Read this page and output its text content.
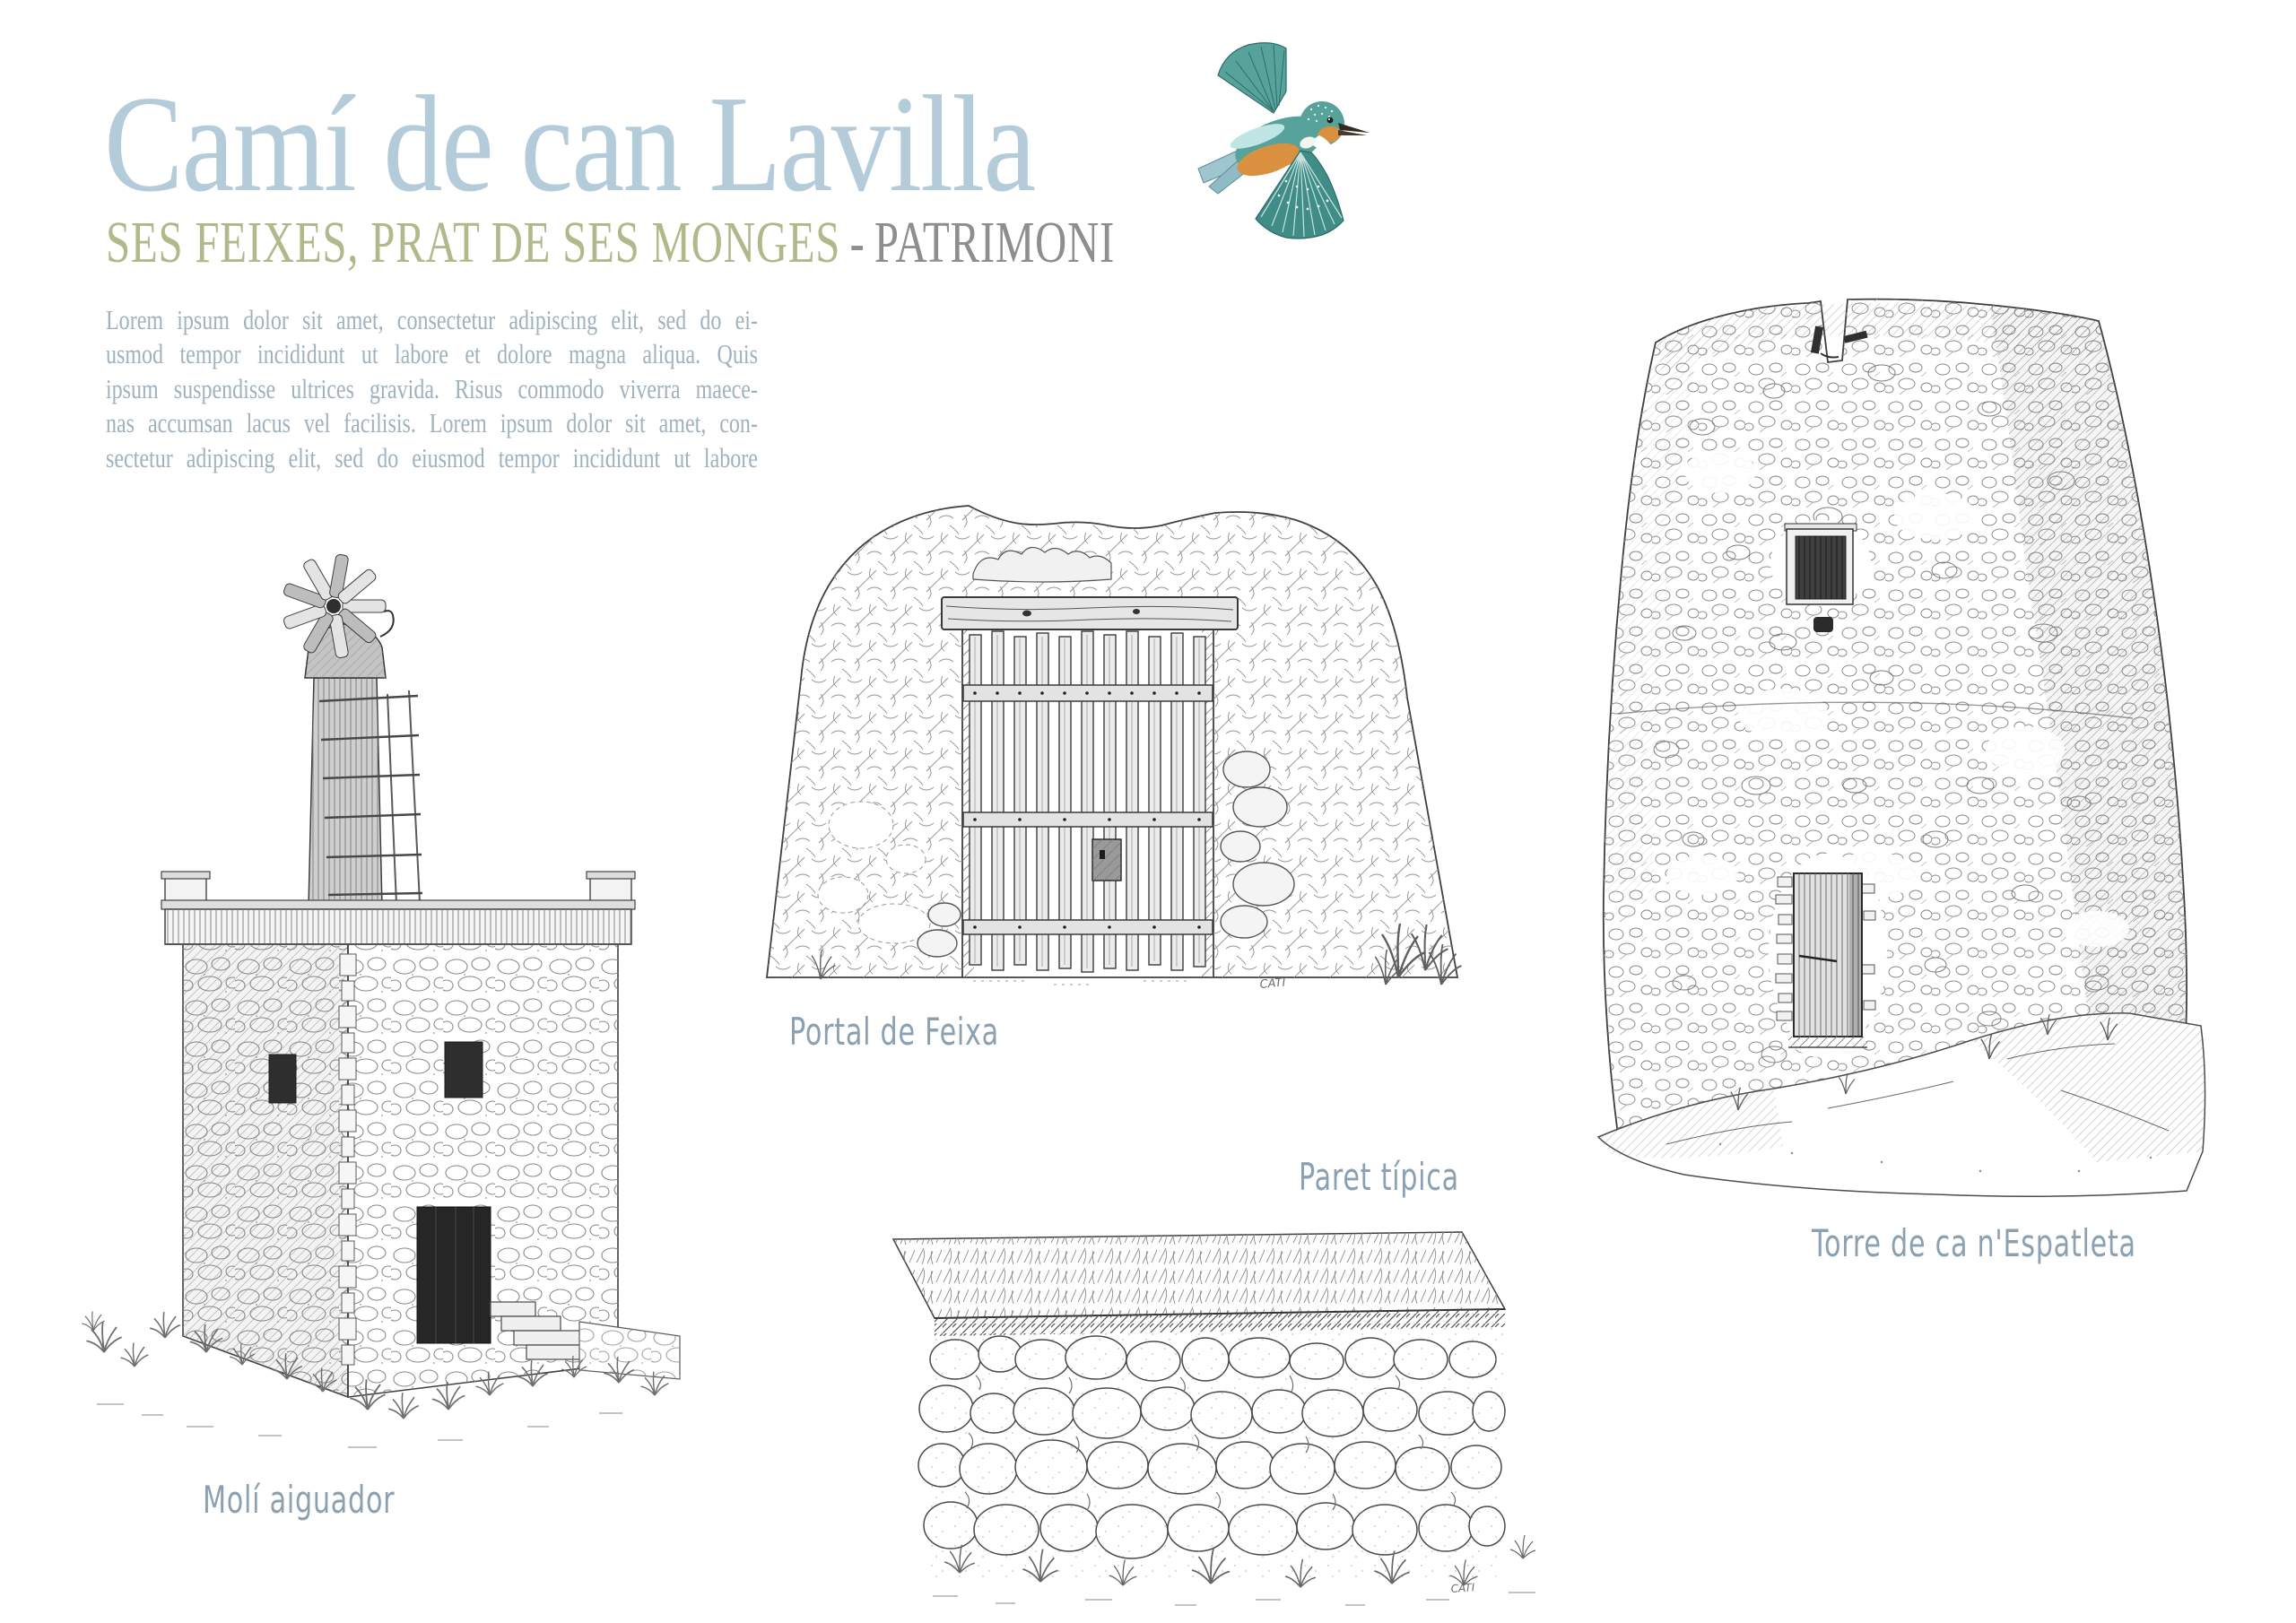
Camí de can Lavilla
SES FEIXES, PRAT DE SES MONGES - PATRIMONI
Lorem ipsum dolor sit amet, consectetur adipiscing elit, sed do ei-
usmod tempor incididunt ut labore et dolore magna aliqua. Quis
ipsum suspendisse ultrices gravida. Risus commodo viverra maece-
nas accumsan lacus vel facilisis. Lorem ipsum dolor sit amet, con-
sectetur adipiscing elit, sed do eiusmod tempor incididunt ut labore
CATI
CATI
Molí aiguador
Portal de Feixa
Paret típica
Torre de ca n'Espatleta
